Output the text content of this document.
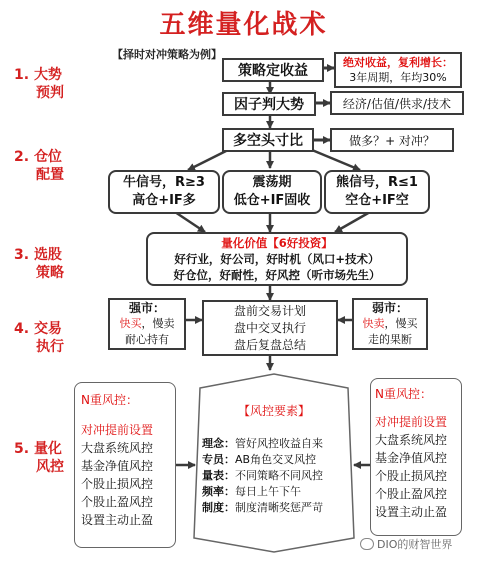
五维量化战术
【择时对冲策略为例】
1. 大势
预判
2. 仓位
配置
3. 选股
策略
4. 交易
执行
5. 量化
风控
策略定收益
绝对收益，复利增长：
3年周期，年均30%
因子判大势	经济/估值/供求/技术
多空头寸比	做多？+ 对冲？
牛信号，R≥3
高仓+IF多
震荡期
低仓+IF固收
熊信号，R≤1
空仓+IF空
量化价值【6好投资】
好行业，好公司，好时机（风口+技术）
好仓位，好耐性，好风控（听市场先生）
强市：
快买，慢卖
耐心持有
盘前交易计划
盘中交叉执行
盘后复盘总结
弱市：
快卖，慢买
走的果断
N重风控：
对冲提前设置
大盘系统风控
基金净值风控
个股止损风控
个股止盈风控
设置主动止盈
【风控要素】
理念：管好风控收益自来
专员：AB角色交叉风控
量表：不同策略不同风控
频率：每日上午下午
制度：制度清晰奖惩严苛
N重风控：
对冲提前设置
大盘系统风控
基金净值风控
个股止损风控
个股止盈风控
设置主动止盈
DIO的财智世界
